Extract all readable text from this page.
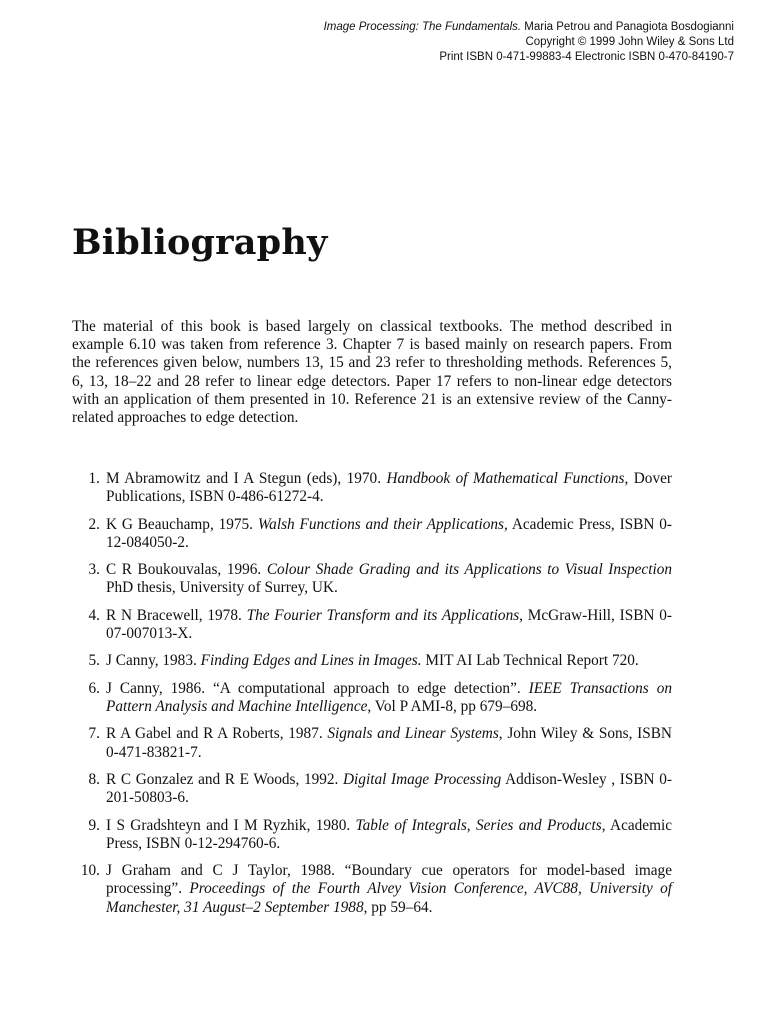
Image Processing: The Fundamentals. Maria Petrou and Panagiota Bosdogianni
Copyright © 1999 John Wiley & Sons Ltd
Print ISBN 0-471-99883-4 Electronic ISBN 0-470-84190-7
Bibliography

The material of this book is based largely on classical textbooks. The method described in example 6.10 was taken from reference 3. Chapter 7 is based mainly on research papers. From the references given below, numbers 13, 15 and 23 refer to thresholding methods. References 5, 6, 13, 18–22 and 28 refer to linear edge detectors. Paper 17 refers to non-linear edge detectors with an application of them presented in 10. Reference 21 is an extensive review of the Canny-related approaches to edge detection.

1. M Abramowitz and I A Stegun (eds), 1970. Handbook of Mathematical Functions, Dover Publications, ISBN 0-486-61272-4.
2. K G Beauchamp, 1975. Walsh Functions and their Applications, Academic Press, ISBN 0-12-084050-2.
3. C R Boukouvalas, 1996. Colour Shade Grading and its Applications to Visual Inspection PhD thesis, University of Surrey, UK.
4. R N Bracewell, 1978. The Fourier Transform and its Applications, McGraw-Hill, ISBN 0-07-007013-X.
5. J Canny, 1983. Finding Edges and Lines in Images. MIT AI Lab Technical Report 720.
6. J Canny, 1986. “A computational approach to edge detection”. IEEE Transactions on Pattern Analysis and Machine Intelligence, Vol P AMI-8, pp 679–698.
7. R A Gabel and R A Roberts, 1987. Signals and Linear Systems, John Wiley & Sons, ISBN 0-471-83821-7.
8. R C Gonzalez and R E Woods, 1992. Digital Image Processing Addison-Wesley , ISBN 0-201-50803-6.
9. I S Gradshteyn and I M Ryzhik, 1980. Table of Integrals, Series and Products, Academic Press, ISBN 0-12-294760-6.
10. J Graham and C J Taylor, 1988. “Boundary cue operators for model-based image processing”. Proceedings of the Fourth Alvey Vision Conference, AVC88, University of Manchester, 31 August–2 September 1988, pp 59–64.
